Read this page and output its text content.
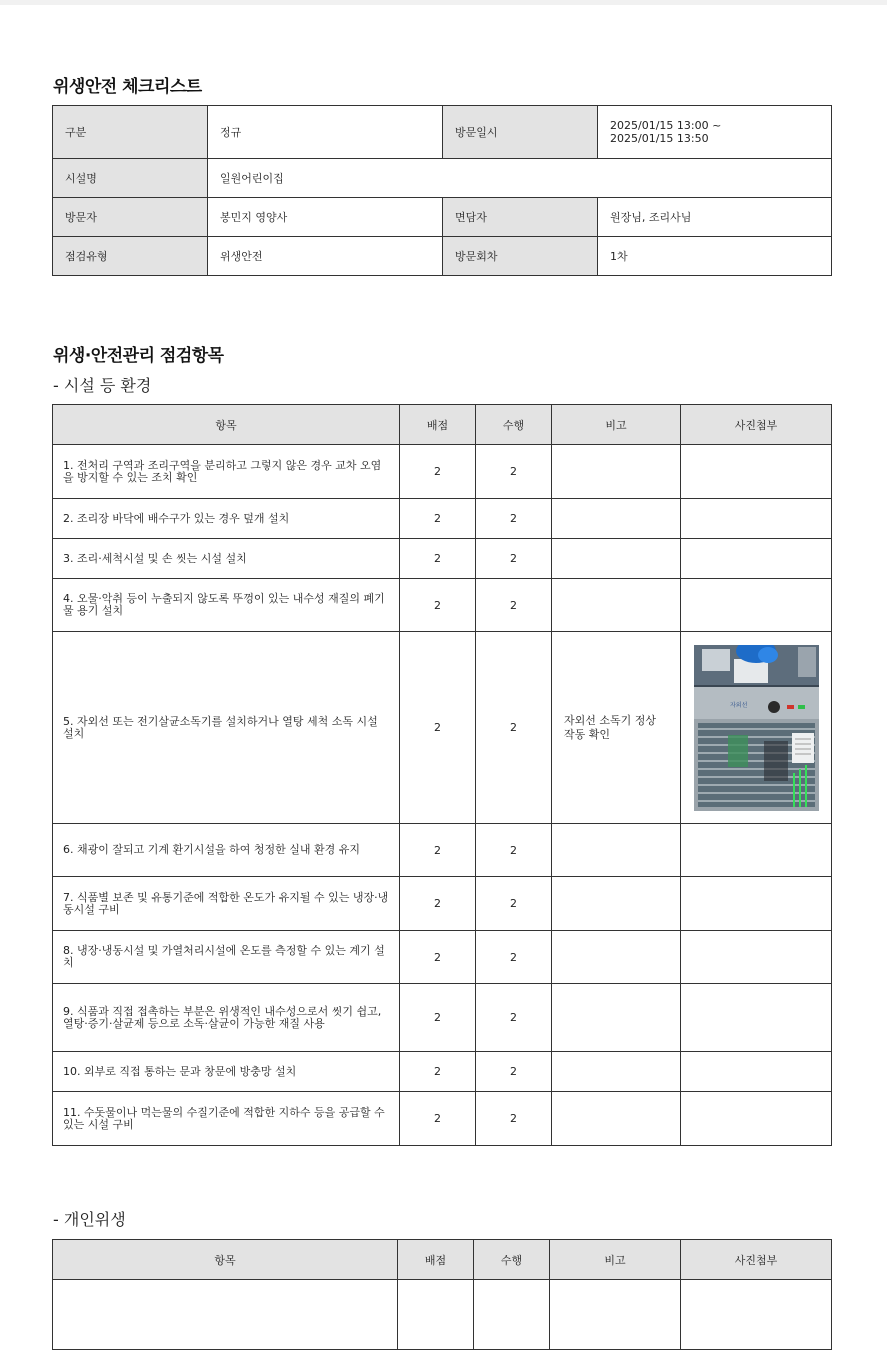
위생안전 체크리스트
구분	정규	방문일시	2025/01/15 13:00 ~
2025/01/15 13:50

시설명	일원어린이집		
방문자	봉민지 영양사	면담자	원장님, 조리사님
점검유형	위생안전	방문회차	1차
위생·안전관리 점검항목
- 시설 등 환경
항목	배점	수행	비고	사진첨부
1. 전처리 구역과 조리구역을 분리하고 그렇지 않은 경우 교차 오염을 방지할 수 있는 조치 확인	2	2		
2. 조리장 바닥에 배수구가 있는 경우 덮개 설치	2	2		
3. 조리·세척시설 및 손 씻는 시설 설치	2	2		
4. 오물·악취 등이 누출되지 않도록 뚜껑이 있는 내수성 재질의 폐기물 용기 설치	2	2		
5. 자외선 또는 전기살균소독기를 설치하거나 열탕 세척 소독 시설 설치	2	2	자외선 소독기 정상 작동 확인	자외선

6. 채광이 잘되고 기계 환기시설을 하여 청정한 실내 환경 유지	2	2		
7. 식품별 보존 및 유통기준에 적합한 온도가 유지될 수 있는 냉장·냉동시설 구비	2	2		
8. 냉장·냉동시설 및 가열처리시설에 온도를 측정할 수 있는 계기 설치	2	2		
9. 식품과 직접 접촉하는 부분은 위생적인 내수성으로서 씻기 쉽고, 열탕·증기·살균제 등으로 소독·살균이 가능한 재질 사용	2	2		
10. 외부로 직접 통하는 문과 창문에 방충망 설치	2	2		
11. 수돗물이나 먹는물의 수질기준에 적합한 지하수 등을 공급할 수 있는 시설 구비	2	2		
- 개인위생
항목	배점	수행	비고	사진첨부
